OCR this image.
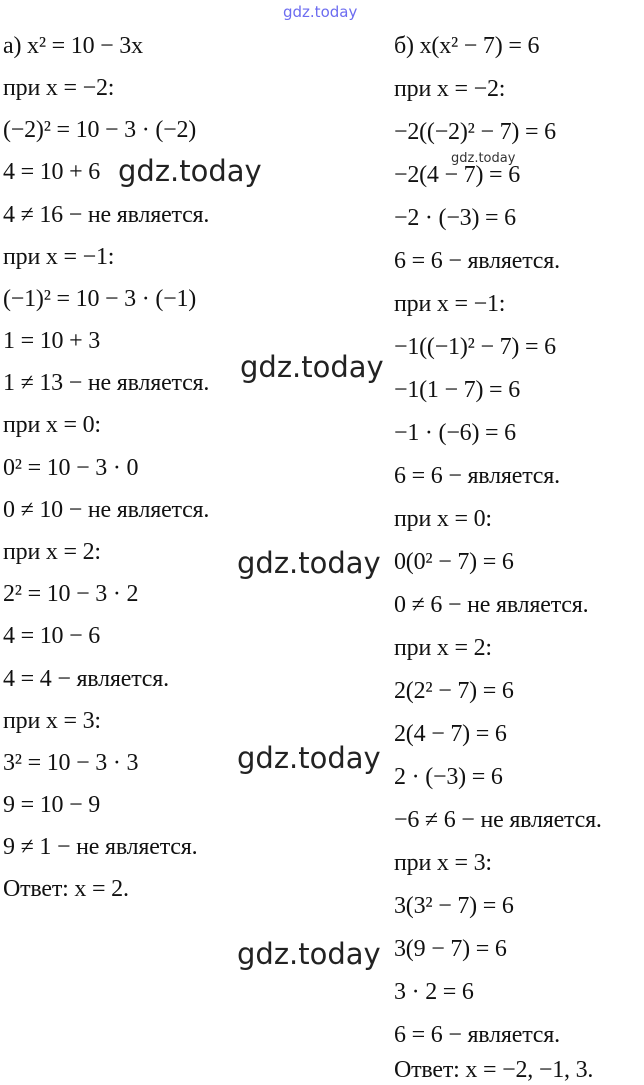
а) x² = 10 − 3x
при x = −2:
(−2)² = 10 − 3 · (−2)
4 = 10 + 6
4 ≠ 16 − не является.
при x = −1:
(−1)² = 10 − 3 · (−1)
1 = 10 + 3
1 ≠ 13 − не является.
при x = 0:
0² = 10 − 3 · 0
0 ≠ 10 − не является.
при x = 2:
2² = 10 − 3 · 2
4 = 10 − 6
4 = 4 − является.
при x = 3:
3² = 10 − 3 · 3
9 = 10 − 9
9 ≠ 1 − не является.
Ответ: x = 2.
б) x(x² − 7) = 6
при x = −2:
−2((−2)² − 7) = 6
−2(4 − 7) = 6
−2 · (−3) = 6
6 = 6 − является.
при x = −1:
−1((−1)² − 7) = 6
−1(1 − 7) = 6
−1 · (−6) = 6
6 = 6 − является.
при x = 0:
0(0² − 7) = 6
0 ≠ 6 − не является.
при x = 2:
2(2² − 7) = 6
2(4 − 7) = 6
2 · (−3) = 6
−6 ≠ 6 − не является.
при x = 3:
3(3² − 7) = 6
3(9 − 7) = 6
3 · 2 = 6
6 = 6 − является.
Ответ: x = −2, −1, 3.
gdz.today
gdz.today
gdz.today
gdz.today
gdz.today
gdz.today
gdz.today
